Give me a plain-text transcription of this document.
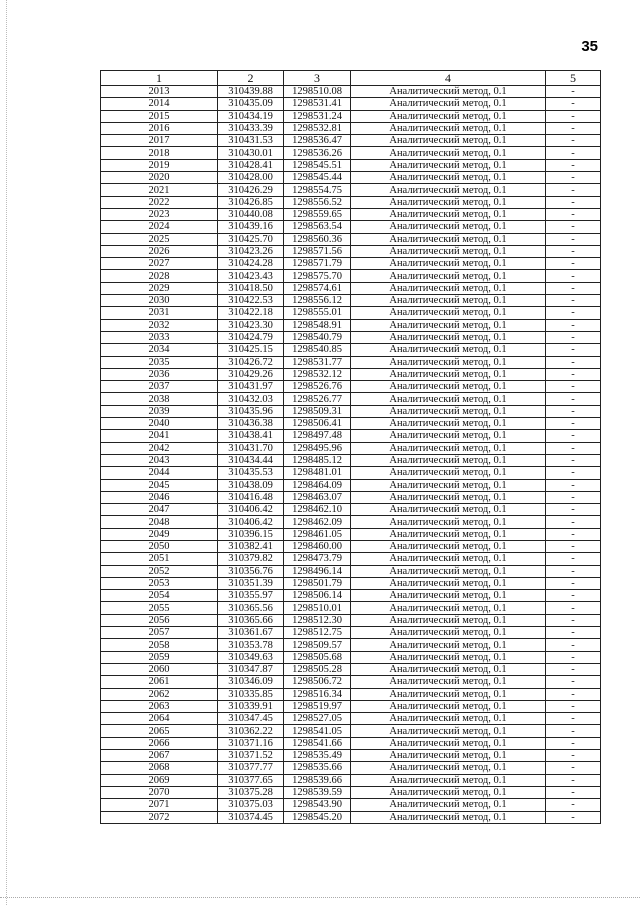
35
1	2	3	4	5
2013	310439.88	1298510.08	Аналитический метод, 0.1	-
2014	310435.09	1298531.41	Аналитический метод, 0.1	-
2015	310434.19	1298531.24	Аналитический метод, 0.1	-
2016	310433.39	1298532.81	Аналитический метод, 0.1	-
2017	310431.53	1298536.47	Аналитический метод, 0.1	-
2018	310430.01	1298536.26	Аналитический метод, 0.1	-
2019	310428.41	1298545.51	Аналитический метод, 0.1	-
2020	310428.00	1298545.44	Аналитический метод, 0.1	-
2021	310426.29	1298554.75	Аналитический метод, 0.1	-
2022	310426.85	1298556.52	Аналитический метод, 0.1	-
2023	310440.08	1298559.65	Аналитический метод, 0.1	-
2024	310439.16	1298563.54	Аналитический метод, 0.1	-
2025	310425.70	1298560.36	Аналитический метод, 0.1	-
2026	310423.26	1298571.56	Аналитический метод, 0.1	-
2027	310424.28	1298571.79	Аналитический метод, 0.1	-
2028	310423.43	1298575.70	Аналитический метод, 0.1	-
2029	310418.50	1298574.61	Аналитический метод, 0.1	-
2030	310422.53	1298556.12	Аналитический метод, 0.1	-
2031	310422.18	1298555.01	Аналитический метод, 0.1	-
2032	310423.30	1298548.91	Аналитический метод, 0.1	-
2033	310424.79	1298540.79	Аналитический метод, 0.1	-
2034	310425.15	1298540.85	Аналитический метод, 0.1	-
2035	310426.72	1298531.77	Аналитический метод, 0.1	-
2036	310429.26	1298532.12	Аналитический метод, 0.1	-
2037	310431.97	1298526.76	Аналитический метод, 0.1	-
2038	310432.03	1298526.77	Аналитический метод, 0.1	-
2039	310435.96	1298509.31	Аналитический метод, 0.1	-
2040	310436.38	1298506.41	Аналитический метод, 0.1	-
2041	310438.41	1298497.48	Аналитический метод, 0.1	-
2042	310431.70	1298495.96	Аналитический метод, 0.1	-
2043	310434.44	1298485.12	Аналитический метод, 0.1	-
2044	310435.53	1298481.01	Аналитический метод, 0.1	-
2045	310438.09	1298464.09	Аналитический метод, 0.1	-
2046	310416.48	1298463.07	Аналитический метод, 0.1	-
2047	310406.42	1298462.10	Аналитический метод, 0.1	-
2048	310406.42	1298462.09	Аналитический метод, 0.1	-
2049	310396.15	1298461.05	Аналитический метод, 0.1	-
2050	310382.41	1298460.00	Аналитический метод, 0.1	-
2051	310379.82	1298473.79	Аналитический метод, 0.1	-
2052	310356.76	1298496.14	Аналитический метод, 0.1	-
2053	310351.39	1298501.79	Аналитический метод, 0.1	-
2054	310355.97	1298506.14	Аналитический метод, 0.1	-
2055	310365.56	1298510.01	Аналитический метод, 0.1	-
2056	310365.66	1298512.30	Аналитический метод, 0.1	-
2057	310361.67	1298512.75	Аналитический метод, 0.1	-
2058	310353.78	1298509.57	Аналитический метод, 0.1	-
2059	310349.63	1298505.68	Аналитический метод, 0.1	-
2060	310347.87	1298505.28	Аналитический метод, 0.1	-
2061	310346.09	1298506.72	Аналитический метод, 0.1	-
2062	310335.85	1298516.34	Аналитический метод, 0.1	-
2063	310339.91	1298519.97	Аналитический метод, 0.1	-
2064	310347.45	1298527.05	Аналитический метод, 0.1	-
2065	310362.22	1298541.05	Аналитический метод, 0.1	-
2066	310371.16	1298541.66	Аналитический метод, 0.1	-
2067	310371.52	1298535.49	Аналитический метод, 0.1	-
2068	310377.77	1298535.66	Аналитический метод, 0.1	-
2069	310377.65	1298539.66	Аналитический метод, 0.1	-
2070	310375.28	1298539.59	Аналитический метод, 0.1	-
2071	310375.03	1298543.90	Аналитический метод, 0.1	-
2072	310374.45	1298545.20	Аналитический метод, 0.1	-
